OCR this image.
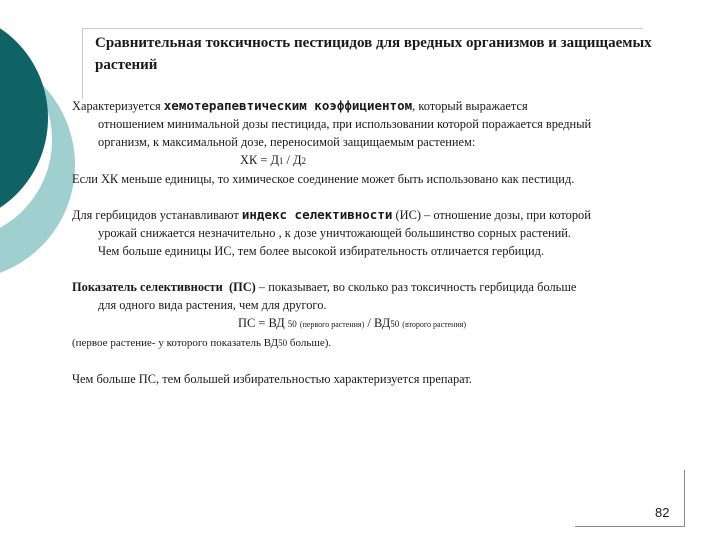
Сравнительная токсичность пестицидов для вредных организмов и защищаемых растений
Характеризуется хемотерапевтическим коэффициентом, который выражается
отношением минимальной дозы пестицида, при использовании которой поражается вредный
организм, к максимальной дозе, переносимой защищаемым растением:
ХК = Д1 / Д2
Если ХК меньше единицы, то химическое соединение может быть использовано как пестицид.
Для гербицидов устанавливают индекс селективности (ИС) – отношение дозы, при которой
урожай снижается незначительно , к дозе уничтожающей большинство сорных растений.
Чем больше единицы ИС, тем более высокой избирательность отличается гербицид.
Показатель селективности (ПС) – показывает, во сколько раз токсичность гербицида больше
для одного вида растения, чем для другого.
ПС = ВД 50 (первого растения) / ВД50 (второго растения)
(первое растение- у которого показатель ВД50 больше).
Чем больше ПС, тем большей избирательностью характеризуется препарат.
82
